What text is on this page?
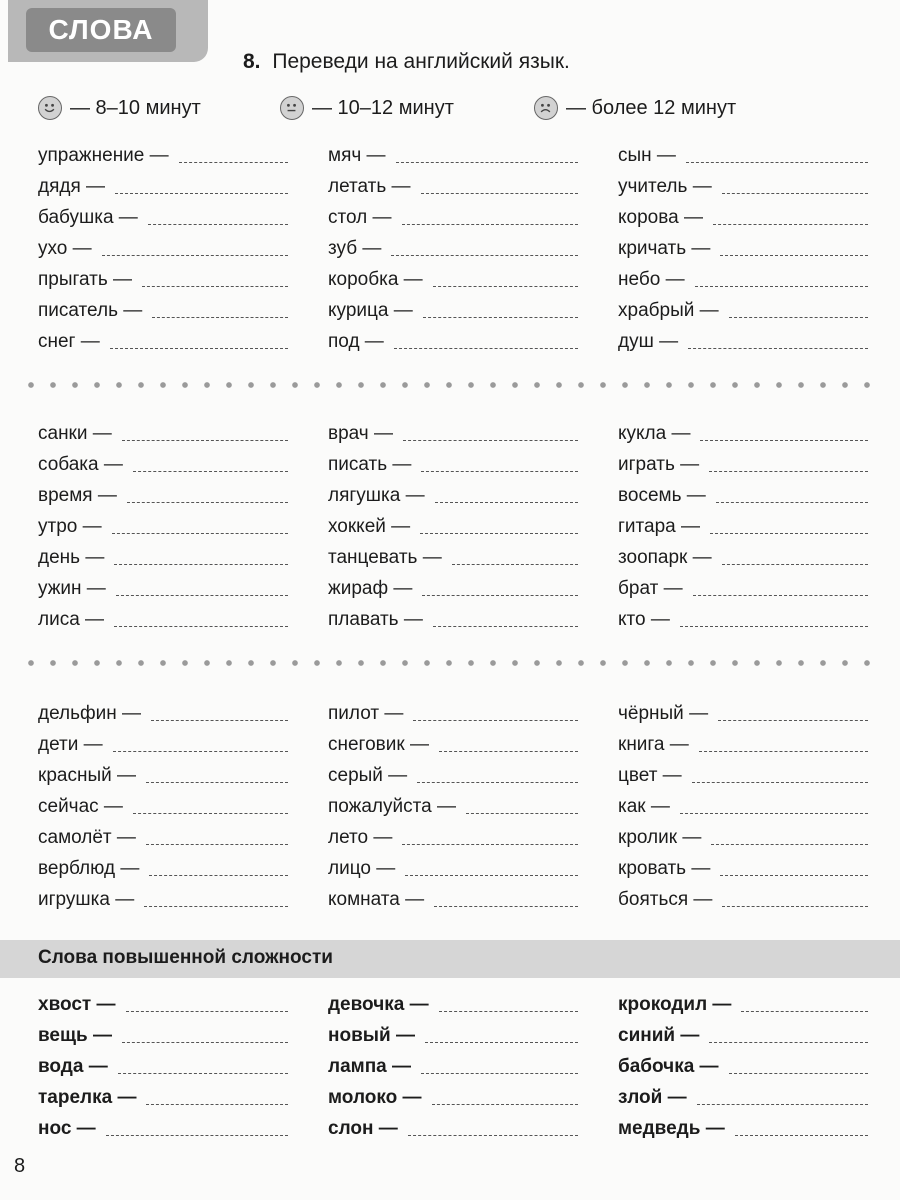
СЛОВА
8. Переведи на английский язык.
— 8–10 минут	— 10–12 минут	— более 12 минут
упражнение —
дядя —
бабушка —
ухо —
прыгать —
писатель —
снег —
мяч —
летать —
стол —
зуб —
коробка —
курица —
под —
сын —
учитель —
корова —
кричать —
небо —
храбрый —
душ —
санки —
собака —
время —
утро —
день —
ужин —
лиса —
врач —
писать —
лягушка —
хоккей —
танцевать —
жираф —
плавать —
кукла —
играть —
восемь —
гитара —
зоопарк —
брат —
кто —
дельфин —
дети —
красный —
сейчас —
самолёт —
верблюд —
игрушка —
пилот —
снеговик —
серый —
пожалуйста —
лето —
лицо —
комната —
чёрный —
книга —
цвет —
как —
кролик —
кровать —
бояться —
Слова повышенной сложности
хвост —
вещь —
вода —
тарелка —
нос —
девочка —
новый —
лампа —
молоко —
слон —
крокодил —
синий —
бабочка —
злой —
медведь —
8
